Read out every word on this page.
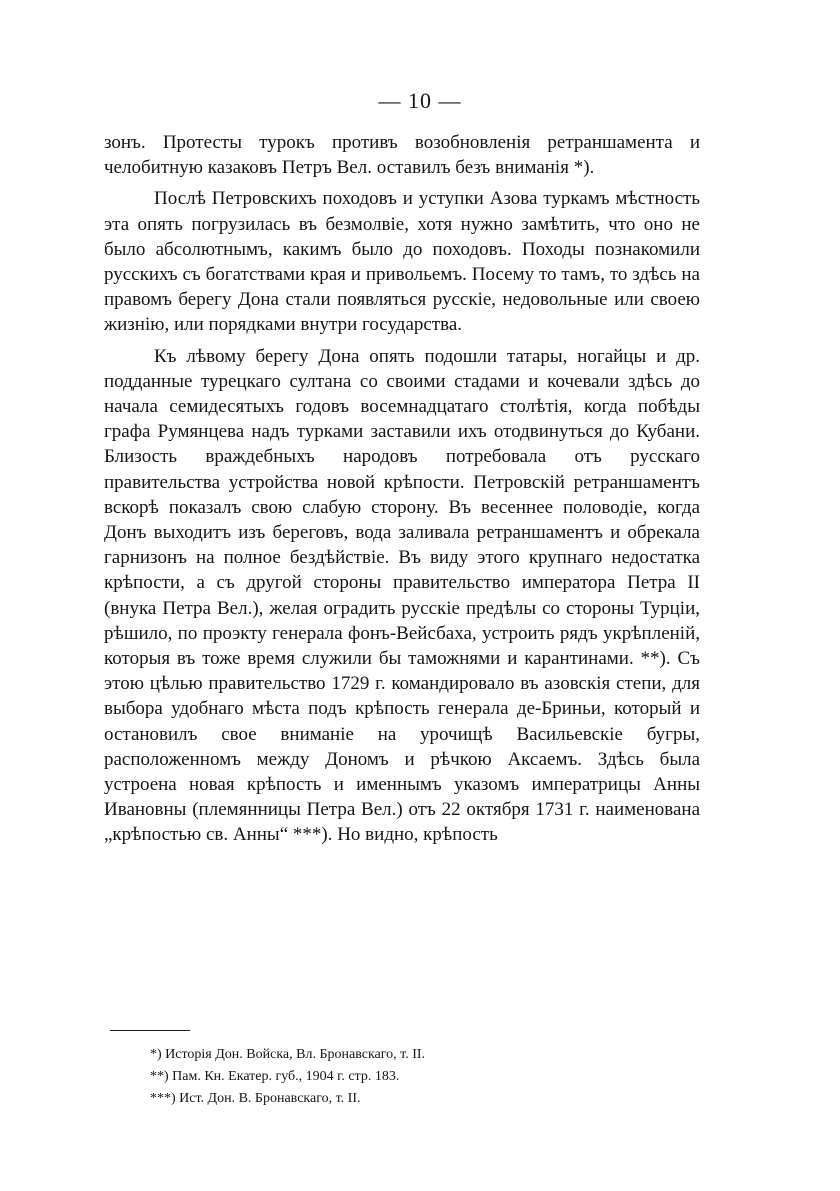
— 10 —

зонъ. Протесты турокъ противъ возобновленія ретраншамента и челобитную казаковъ Петръ Вел. оставилъ безъ вниманія *).

Послѣ Петровскихъ походовъ и уступки Азова туркамъ мѣстность эта опять погрузилась въ безмолвіе, хотя нужно замѣтить, что оно не было абсолютнымъ, какимъ было до походовъ. Походы познакомили русскихъ съ богатствами края и привольемъ. Посему то тамъ, то здѣсь на правомъ берегу Дона стали появляться русскіе, недовольные или своею жизнію, или порядками внутри государства.

Къ лѣвому берегу Дона опять подошли татары, ногайцы и др. подданные турецкаго султана со своими стадами и кочевали здѣсь до начала семидесятыхъ годовъ восемнадцатаго столѣтія, когда побѣды графа Румянцева надъ турками заставили ихъ отодвинуться до Кубани. Близость враждебныхъ народовъ потребовала отъ русскаго правительства устройства новой крѣпости. Петровскій ретраншаментъ вскорѣ показалъ свою слабую сторону. Въ весеннее половодіе, когда Донъ выходитъ изъ береговъ, вода заливала ретраншаментъ и обрекала гарнизонъ на полное бездѣйствіе. Въ виду этого крупнаго недостатка крѣпости, а съ другой стороны правительство императора Петра II (внука Петра Вел.), желая оградить русскіе предѣлы со стороны Турціи, рѣшило, по проэкту генерала фонъ-Вейсбаха, устроить рядъ укрѣпленій, которыя въ тоже время служили бы таможнями и карантинами. **). Съ этою цѣлью правительство 1729 г. командировало въ азовскія степи, для выбора удобнаго мѣста подъ крѣпость генерала де-Бриньи, который и остановилъ свое вниманіе на урочищѣ Васильевскіе бугры, расположенномъ между Дономъ и рѣчкою Аксаемъ. Здѣсь была устроена новая крѣпость и именнымъ указомъ императрицы Анны Ивановны (племянницы Петра Вел.) отъ 22 октября 1731 г. наименована „крѣпостью св. Анны“ ***). Но видно, крѣпость

*) Исторія Дон. Войска, Вл. Бронавскаго, т. II.
**) Пам. Кн. Екатер. губ., 1904 г. стр. 183.
***) Ист. Дон. В. Бронавскаго, т. II.
